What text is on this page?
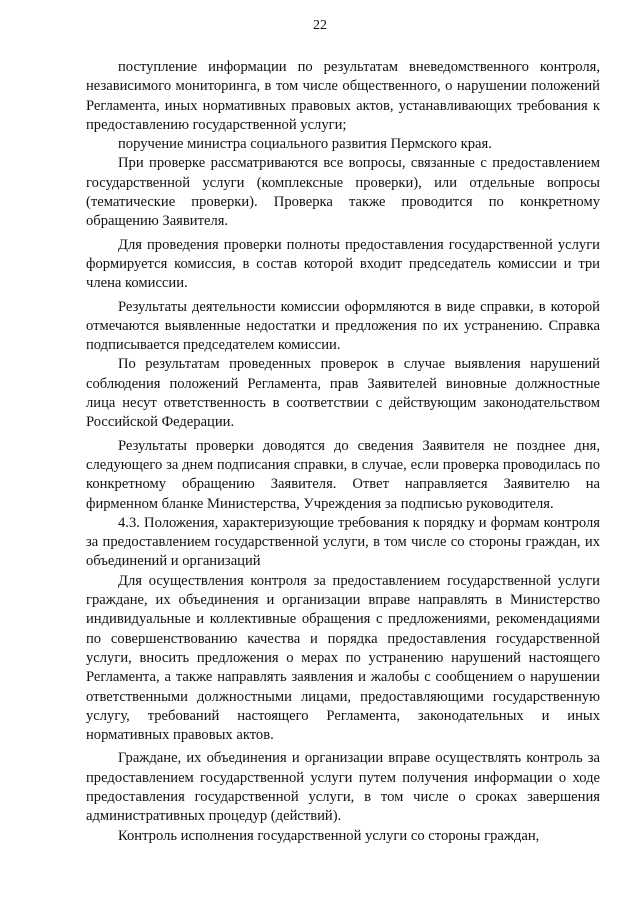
22

поступление информации по результатам вневедомственного контроля, независимого мониторинга, в том числе общественного, о нарушении положений Регламента, иных нормативных правовых актов, устанавливающих требования к предоставлению государственной услуги;

поручение министра социального развития Пермского края.

При проверке рассматриваются все вопросы, связанные с предоставлением государственной услуги (комплексные проверки), или отдельные вопросы (тематические проверки). Проверка также проводится по конкретному обращению Заявителя.

Для проведения проверки полноты предоставления государственной услуги формируется комиссия, в состав которой входит председатель комиссии и три члена комиссии.

Результаты деятельности комиссии оформляются в виде справки, в которой отмечаются выявленные недостатки и предложения по их устранению. Справка подписывается председателем комиссии.

По результатам проведенных проверок в случае выявления нарушений соблюдения положений Регламента, прав Заявителей виновные должностные лица несут ответственность в соответствии с действующим законодательством Российской Федерации.

Результаты проверки доводятся до сведения Заявителя не позднее дня, следующего за днем подписания справки, в случае, если проверка проводилась по конкретному обращению Заявителя. Ответ направляется Заявителю на фирменном бланке Министерства, Учреждения за подписью руководителя.

4.3. Положения, характеризующие требования к порядку и формам контроля за предоставлением государственной услуги, в том числе со стороны граждан, их объединений и организаций

Для осуществления контроля за предоставлением государственной услуги граждане, их объединения и организации вправе направлять в Министерство индивидуальные и коллективные обращения с предложениями, рекомендациями по совершенствованию качества и порядка предоставления государственной услуги, вносить предложения о мерах по устранению нарушений настоящего Регламента, а также направлять заявления и жалобы с сообщением о нарушении ответственными должностными лицами, предоставляющими государственную услугу, требований настоящего Регламента, законодательных и иных нормативных правовых актов.

Граждане, их объединения и организации вправе осуществлять контроль за предоставлением государственной услуги путем получения информации о ходе предоставления государственной услуги, в том числе о сроках завершения административных процедур (действий).

Контроль исполнения государственной услуги со стороны граждан,
